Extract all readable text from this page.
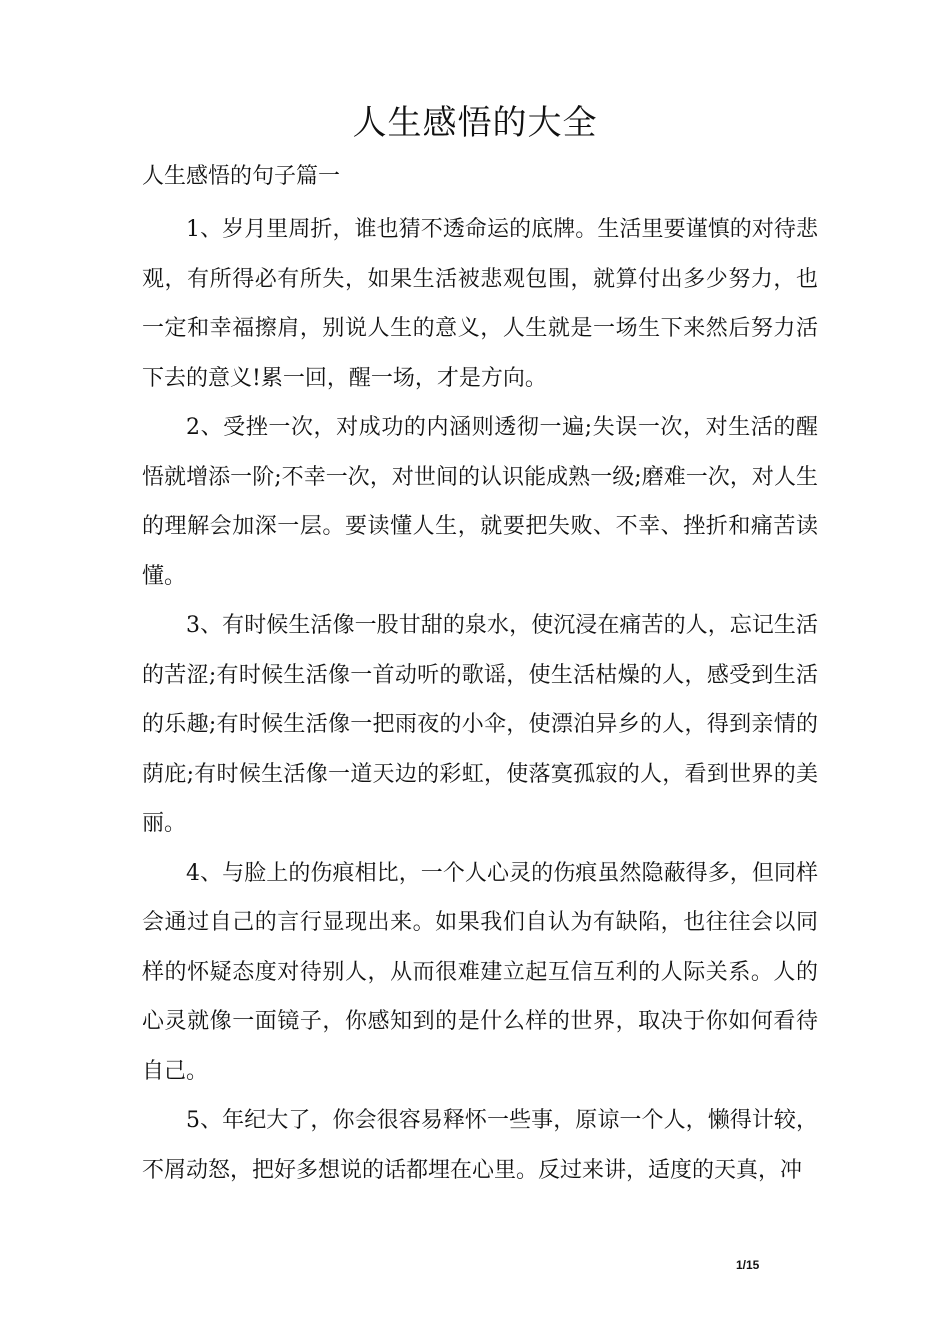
人生感悟的大全
人生感悟的句子篇一

1、岁月里周折，谁也猜不透命运的底牌。生活里要谨慎的对待悲观，有所得必有所失，如果生活被悲观包围，就算付出多少努力，也一定和幸福擦肩，别说人生的意义，人生就是一场生下来然后努力活下去的意义!累一回，醒一场，才是方向。

2、受挫一次，对成功的内涵则透彻一遍;失误一次，对生活的醒悟就增添一阶;不幸一次，对世间的认识能成熟一级;磨难一次，对人生的理解会加深一层。要读懂人生，就要把失败、不幸、挫折和痛苦读懂。

3、有时候生活像一股甘甜的泉水，使沉浸在痛苦的人，忘记生活的苦涩;有时候生活像一首动听的歌谣，使生活枯燥的人，感受到生活的乐趣;有时候生活像一把雨夜的小伞，使漂泊异乡的人，得到亲情的荫庇;有时候生活像一道天边的彩虹，使落寞孤寂的人，看到世界的美丽。

4、与脸上的伤痕相比，一个人心灵的伤痕虽然隐蔽得多，但同样会通过自己的言行显现出来。如果我们自认为有缺陷，也往往会以同样的怀疑态度对待别人，从而很难建立起互信互利的人际关系。人的心灵就像一面镜子，你感知到的是什么样的世界，取决于你如何看待自己。

5、年纪大了，你会很容易释怀一些事，原谅一个人，懒得计较，不屑动怒，把好多想说的话都埋在心里。反过来讲，适度的天真，冲

1/15
